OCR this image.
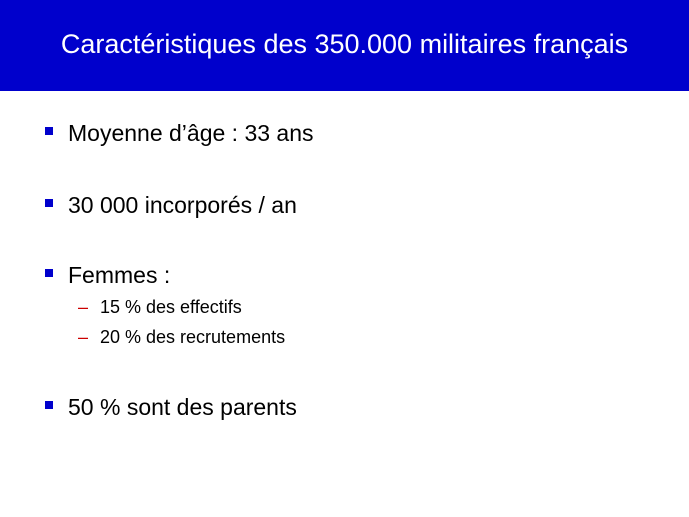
Caractéristiques des 350.000 militaires français
Moyenne d’âge : 33 ans
30 000 incorporés / an
Femmes :
– 15 % des effectifs
– 20 % des recrutements
50 % sont des parents
